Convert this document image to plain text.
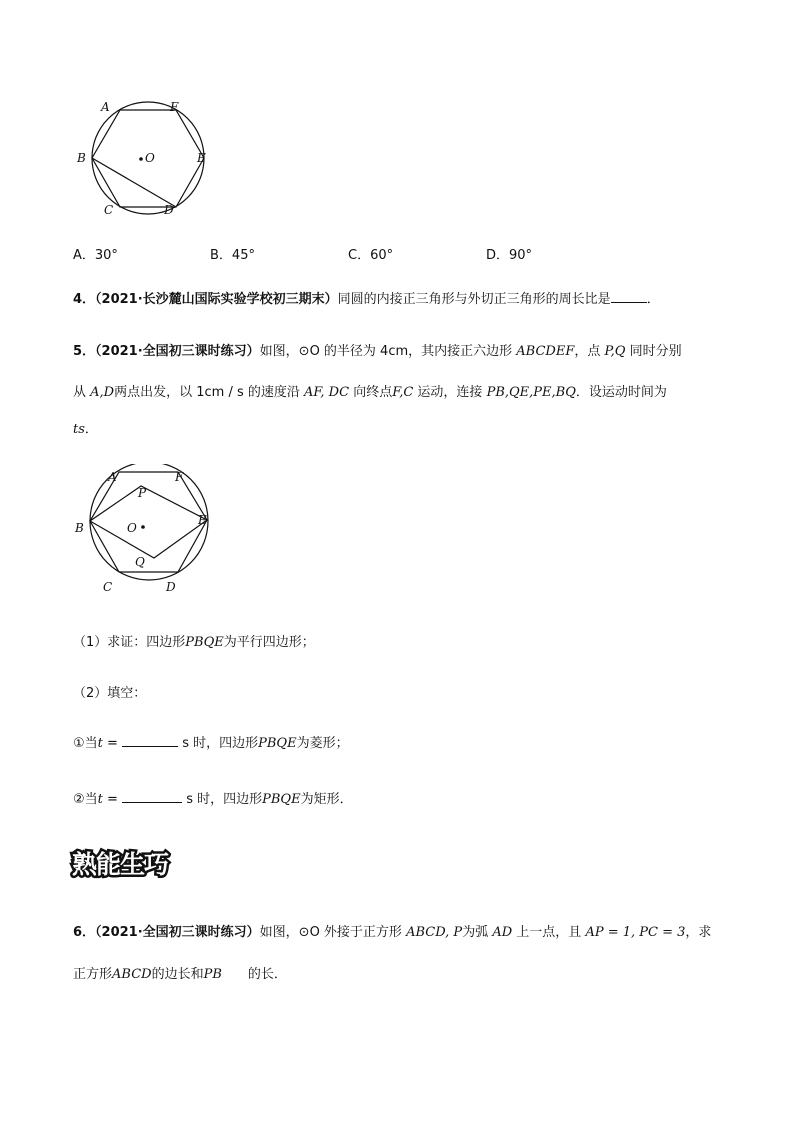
A	F
B	O	E
C	D
A．30°	B．45°	C．60°	D．90°
4．（2021·长沙麓山国际实验学校初三期末）同圆的内接正三角形与外切正三角形的周长比是	．
5．（2021·全国初三课时练习）如图，⊙O 的半径为 4cm，其内接正六边形 ABCDEF，点 P,Q 同时分别
从 A,D两点出发，以 1cm / s 的速度沿 AF, DC 向终点F,C 运动，连接 PB,QE,PE,BQ．设运动时间为
ts．
A	F
P
B	O
E
Q
C	D
（1）求证：四边形PBQE为平行四边形；
（2）填空：
①当t =	s 时，四边形PBQE为菱形；
②当t =	s 时，四边形PBQE为矩形．
熟能生巧
6．（2021·全国初三课时练习）如图，⊙O 外接于正方形 ABCD, P为弧 AD 上一点，且 AP = 1, PC = 3，求
正方形ABCD的边长和PB 的长．
